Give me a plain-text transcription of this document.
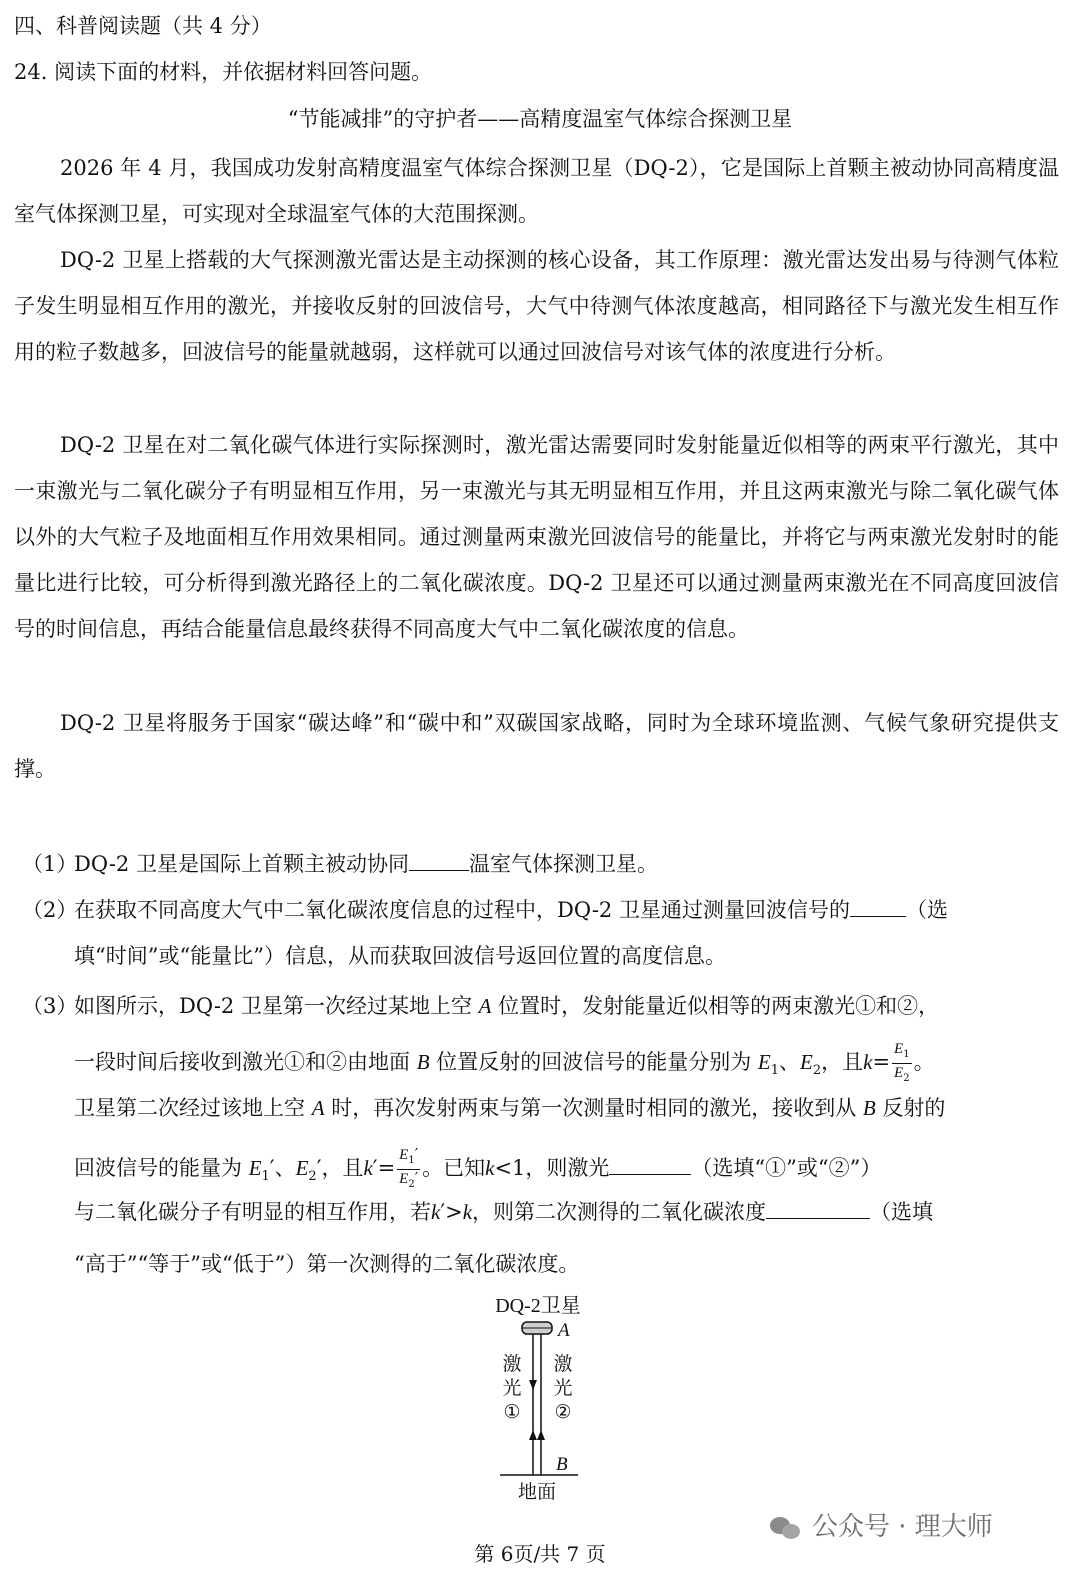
四、科普阅读题（共 4 分）
24. 阅读下面的材料，并依据材料回答问题。
“节能减排”的守护者——高精度温室气体综合探测卫星
2026 年 4 月，我国成功发射高精度温室气体综合探测卫星（DQ-2），它是国际上首颗主被动协同高精度温室气体探测卫星，可实现对全球温室气体的大范围探测。
DQ-2 卫星上搭载的大气探测激光雷达是主动探测的核心设备，其工作原理：激光雷达发出易与待测气体粒子发生明显相互作用的激光，并接收反射的回波信号，大气中待测气体浓度越高，相同路径下与激光发生相互作用的粒子数越多，回波信号的能量就越弱，这样就可以通过回波信号对该气体的浓度进行分析。
DQ-2 卫星在对二氧化碳气体进行实际探测时，激光雷达需要同时发射能量近似相等的两束平行激光，其中一束激光与二氧化碳分子有明显相互作用，另一束激光与其无明显相互作用，并且这两束激光与除二氧化碳气体以外的大气粒子及地面相互作用效果相同。通过测量两束激光回波信号的能量比，并将它与两束激光发射时的能量比进行比较，可分析得到激光路径上的二氧化碳浓度。DQ-2 卫星还可以通过测量两束激光在不同高度回波信号的时间信息，再结合能量信息最终获得不同高度大气中二氧化碳浓度的信息。
DQ-2 卫星将服务于国家“碳达峰”和“碳中和”双碳国家战略，同时为全球环境监测、气候气象研究提供支撑。
（1）DQ-2 卫星是国际上首颗主被动协同	温室气体探测卫星。
（2）在获取不同高度大气中二氧化碳浓度信息的过程中，DQ-2 卫星通过测量回波信号的	（选
填“时间”或“能量比”）信息，从而获取回波信号返回位置的高度信息。
（3）如图所示，DQ-2 卫星第一次经过某地上空 A 位置时，发射能量近似相等的两束激光①和②，
一段时间后接收到激光①和②由地面 B 位置反射的回波信号的能量分别为 $E_1$、$E_2$，且$k= \frac{E_1}{E_2}$ 。
卫星第二次经过该地上空 A 时，再次发射两束与第一次测量时相同的激光，接收到从 B 反射的
回波信号的能量为 $E_1'$、$E_2'$，且$k'= \frac{E_1'}{E_2'}$ 。已知k<1，则激光	（选填“①”或“②”）
与二氧化碳分子有明显的相互作用，若k′>k，则第二次测得的二氧化碳浓度	（选填
“高于”“等于”或“低于”）第一次测得的二氧化碳浓度。
DQ-2卫星
A
激
光
①
激
光
②
B
地面
公众号 · 理大师
第 6页/共 7 页
